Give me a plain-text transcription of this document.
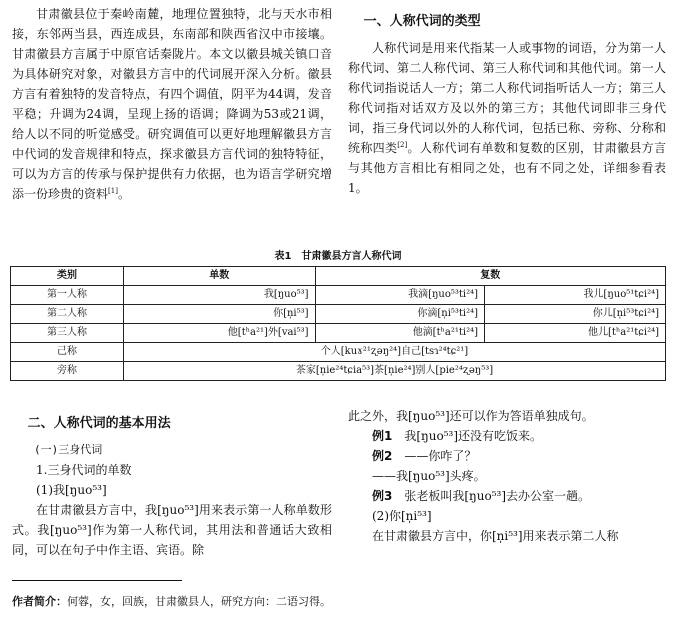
甘肃徽县位于秦岭南麓，地理位置独特，北与天水市相接，东邻两当县，西连成县，东南部和陕西省汉中市接壤。甘肃徽县方言属于中原官话秦陇片。本文以徽县城关镇口音为具体研究对象，对徽县方言中的代词展开深入分析。徽县方言有着独特的发音特点，有四个调值，阴平为44调，发音平稳；升调为24调，呈现上扬的语调；降调为53或21调，给人以不同的听觉感受。研究调值可以更好地理解徽县方言中代词的发音规律和特点，探求徽县方言代词的独特特征，可以为方言的传承与保护提供有力依据，也为语言学研究增添一份珍贵的资料[1]。

一、人称代词的类型

人称代词是用来代指某一人或事物的词语，分为第一人称代词、第二人称代词、第三人称代词和其他代词。第一人称代词指说话人一方；第二人称代词指听话人一方；第三人称代词指对话双方及以外的第三方；其他代词即非三身代词，指三身代词以外的人称代词，包括已称、旁称、分称和统称四类[2]。人称代词有单数和复数的区别，甘肃徽县方言与其他方言相比有相同之处，也有不同之处，详细参看表1。

表1　甘肃徽县方言人称代词
类别	单数	复数	
第一人称	我[ŋuo⁵³]	我滴[ŋuo⁵³ti²⁴]	我儿[ŋuo⁵¹tɕi²⁴]
第二人称	你[n̩i⁵³]	你滴[n̩i⁵³ti²⁴]	你儿[n̩i⁵³tɕi²⁴]
第三人称	他[tʰa²¹]外[vai⁵³]	他滴[tʰa²¹ti²⁴]	他儿[tʰa²¹tɕi²⁴]
己称	个人[kuɤ²¹ʐəŋ²⁴]自己[tsɿ²⁴tɕ²¹]		
旁称	茶家[n̩ie²⁴tɕia⁵³]茶[n̩ie²⁴]别人[pie²⁴ʐəŋ⁵³]		
二、人称代词的基本用法

(一)三身代词

1.三身代词的单数

(1)我[ŋuo⁵³]

在甘肃徽县方言中，我[ŋuo⁵³]用来表示第一人称单数形式。我[ŋuo⁵³]作为第一人称代词，其用法和普通话大致相同，可以在句子中作主语、宾语。除

此之外，我[ŋuo⁵³]还可以作为答语单独成句。

例1　 我[ŋuo⁵³]还没有吃饭来。

例2　 ——你咋了？

——我[ŋuo⁵³]头疼。

例3　 张老板叫我[ŋuo⁵³]去办公室一趟。

(2)你[n̩i⁵³]

在甘肃徽县方言中，你[n̩i⁵³]用来表示第二人称

作者简介：何蓉，女，回族，甘肃徽县人，研究方向：二语习得。
